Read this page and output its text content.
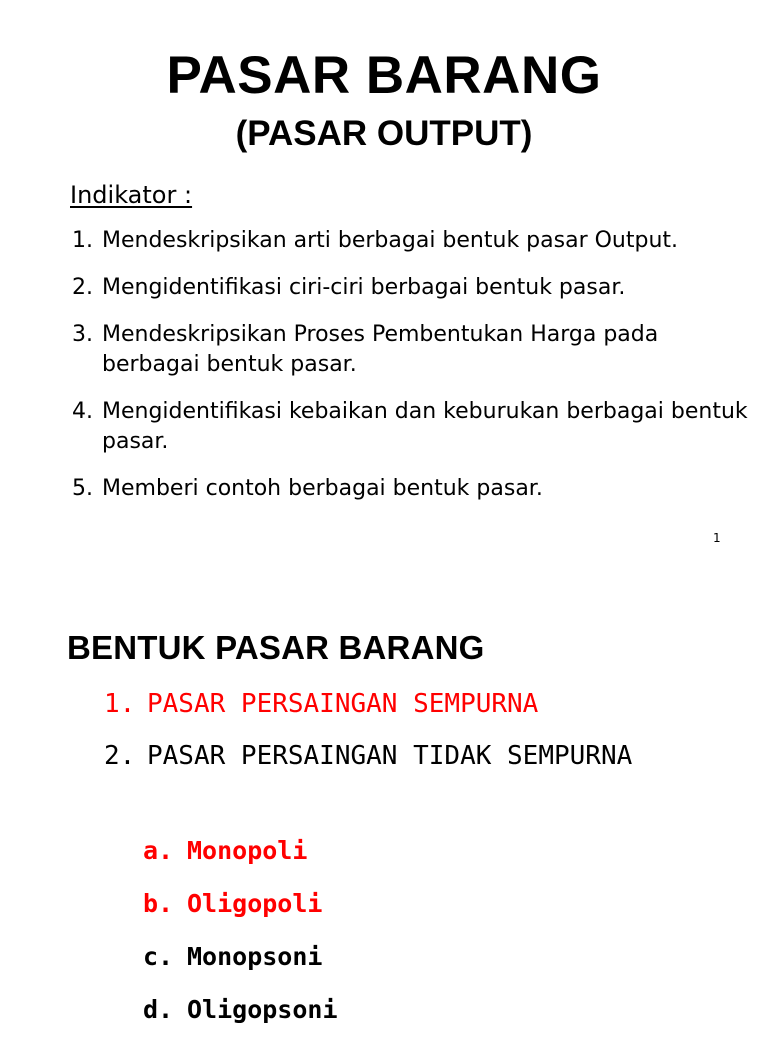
PASAR BARANG
(PASAR OUTPUT)
Indikator :
1. Mendeskripsikan arti berbagai bentuk pasar Output.
2. Mengidentifikasi ciri-ciri berbagai bentuk pasar.
3. Mendeskripsikan Proses Pembentukan Harga pada berbagai bentuk pasar.
4. Mengidentifikasi kebaikan dan keburukan berbagai bentuk pasar.
5. Memberi contoh berbagai bentuk pasar.
1
BENTUK PASAR BARANG
1. PASAR PERSAINGAN SEMPURNA
2. PASAR PERSAINGAN TIDAK SEMPURNA
a. Monopoli
b. Oligopoli
c. Monopsoni
d. Oligopsoni
